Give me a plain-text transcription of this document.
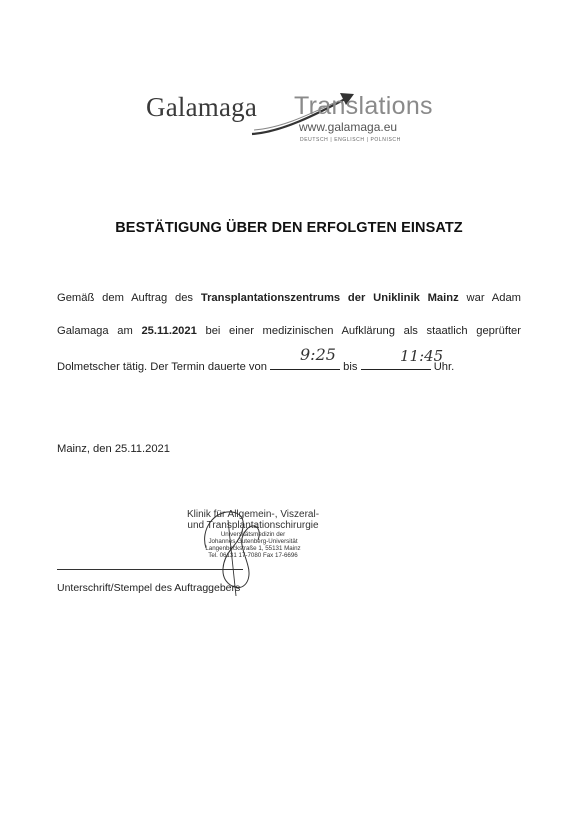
Galamaga Translations
www.galamaga.eu
DEUTSCH | ENGLISCH | POLNISCH
BESTÄTIGUNG ÜBER DEN ERFOLGTEN EINSATZ
Gemäß dem Auftrag des Transplantationszentrums der Uniklinik Mainz war Adam
Galamaga am 25.11.2021 bei einer medizinischen Aufklärung als staatlich geprüfter
Dolmetscher tätig. Der Termin dauerte von	bis	Uhr.
9:25	11:45
Mainz, den 25.11.2021
Klinik für Allgemein-, Viszeral-
und Transplantationschirurgie
Universitätsmedizin der
Johannes Gutenberg-Universität
Langenbeckstraße 1, 55131 Mainz
Tel. 06131 17-7080 Fax 17-6696
Unterschrift/Stempel des Auftraggebers
